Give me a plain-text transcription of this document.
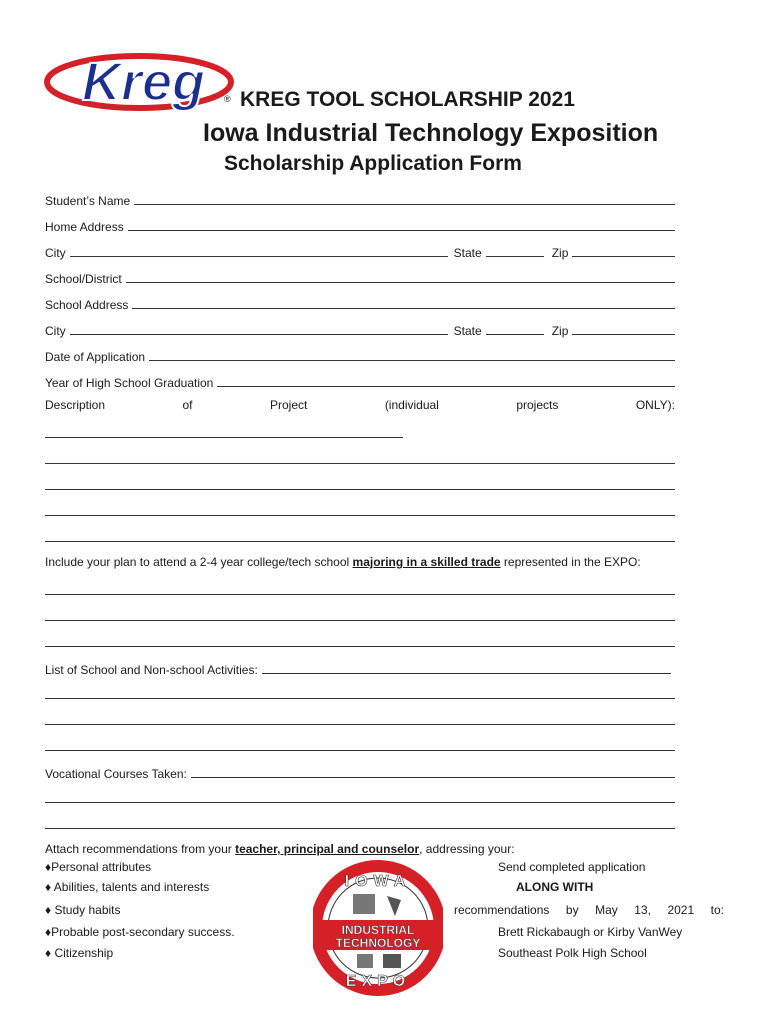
Kreg ® KREG TOOL SCHOLARSHIP 2021
Iowa Industrial Technology Exposition
Scholarship Application Form
Student’s Name
Home Address
City	State	Zip
School/District
School Address
City	State	Zip
Date of Application
Year of High School Graduation
Description	of	Project	(individual	projects	ONLY):
Include your plan to attend a 2-4 year college/tech school majoring in a skilled trade represented in the EXPO:
List of School and Non-school Activities:
Vocational Courses Taken:
Attach recommendations from your teacher, principal and counselor, addressing your:
♦Personal attributes
♦ Abilities, talents and interests
♦ Study habits
♦Probable post-secondary success.
♦ Citizenship
Send completed application
ALONG WITH
recommendations by May 13, 2021 to:
Brett Rickabaugh or Kirby VanWey
Southeast Polk High School
IOWA
INDUSTRIAL
TECHNOLOGY
EXPO
